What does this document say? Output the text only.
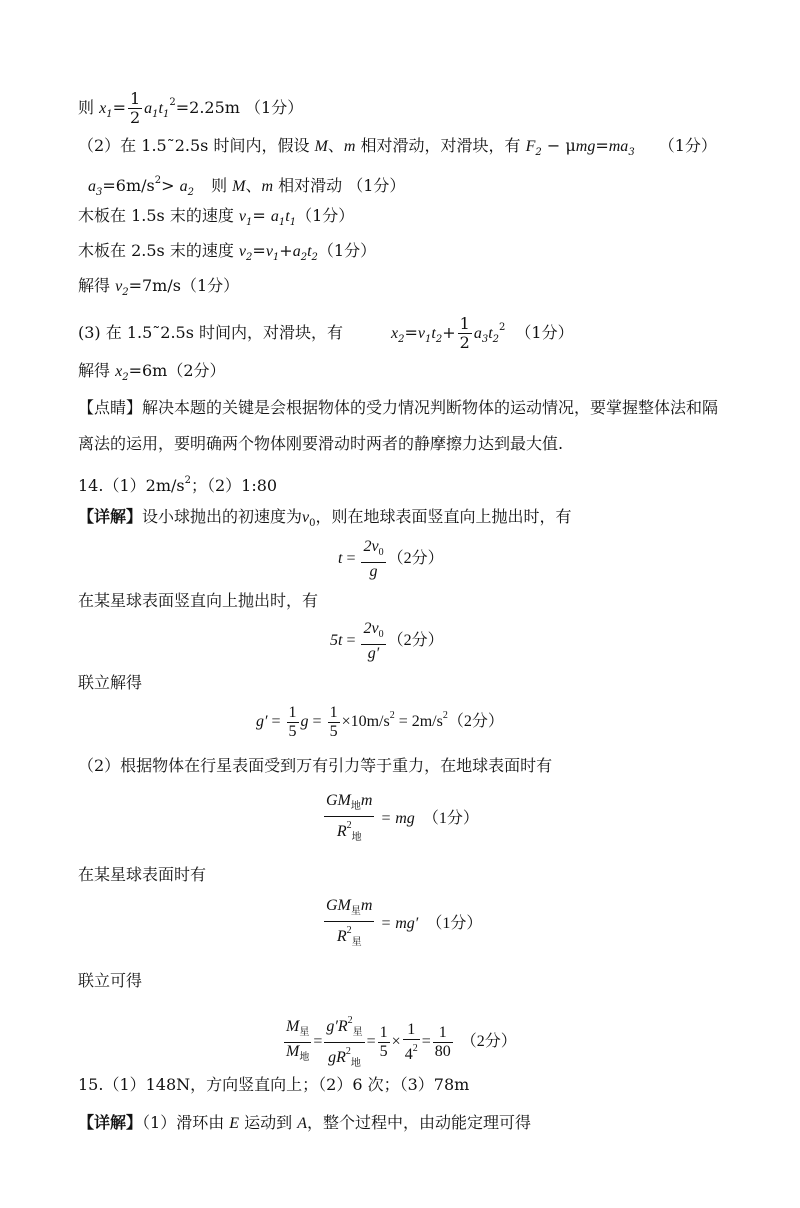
则 $x_1= \frac{1}{2} a_1t_1^2=2.25m$ （1分）
（2）在 1.5˜2.5s 时间内，假设 M、m 相对滑动，对滑块，有 $F_2 - \mu mg=ma_3$ （1分）
$a_3=6m/s^2> a_2$ 则 M、m 相对滑动 （1分）
木板在 1.5s 末的速度 $v_1= a_1t_1(1$分）
木板在 2.5s 末的速度 $v_2=v_1+a_2t_2(1$分）
解得 $v_2=7m/s(1$分）
(3) 在 1.5˜2.5s 时间内，对滑块，有	$x_2=v_1t_2+ \frac{1}{2} a_3t_2^2$ （1分）
解得 $x_2=6m(2$分）
【点睛】解决本题的关键是会根据物体的受力情况判断物体的运动情况，要掌握整体法和隔
离法的运用，要明确两个物体刚要滑动时两者的静摩擦力达到最大值.
$14.(1)2m/s^2$；（2）1:80
【详解】设小球抛出的初速度为$v_0$，则在地球表面竖直向上抛出时，有
$t = \frac{2v_0}{g} (2$分）
在某星球表面竖直向上抛出时，有
$5t = \frac{2v_0}{g'} (2$分）
联立解得
$g' = \frac{1}{5}$ $g = \frac{1}{5} \times 10m/s^2 = 2m/s^2(2$分）
（2）根据物体在行星表面受到万有引力等于重力，在地球表面时有
$\frac{GM_地m}{R^2_地}$ = mg （1分）
在某星球表面时有
$\frac{GM_星m}{R^2_星} = mg'$ （1分）
联立可得
$\frac{M_星}{M_地} = \frac{g'R^2_星}{gR^2_地} = \frac{1}{5} \times \frac{1}{4^2} = \frac{1}{80} (2$分）
15.（1）148N，方向竖直向上；（2）6 次；（3）78m
【详解】（1）滑环由 E 运动到 A，整个过程中，由动能定理可得
